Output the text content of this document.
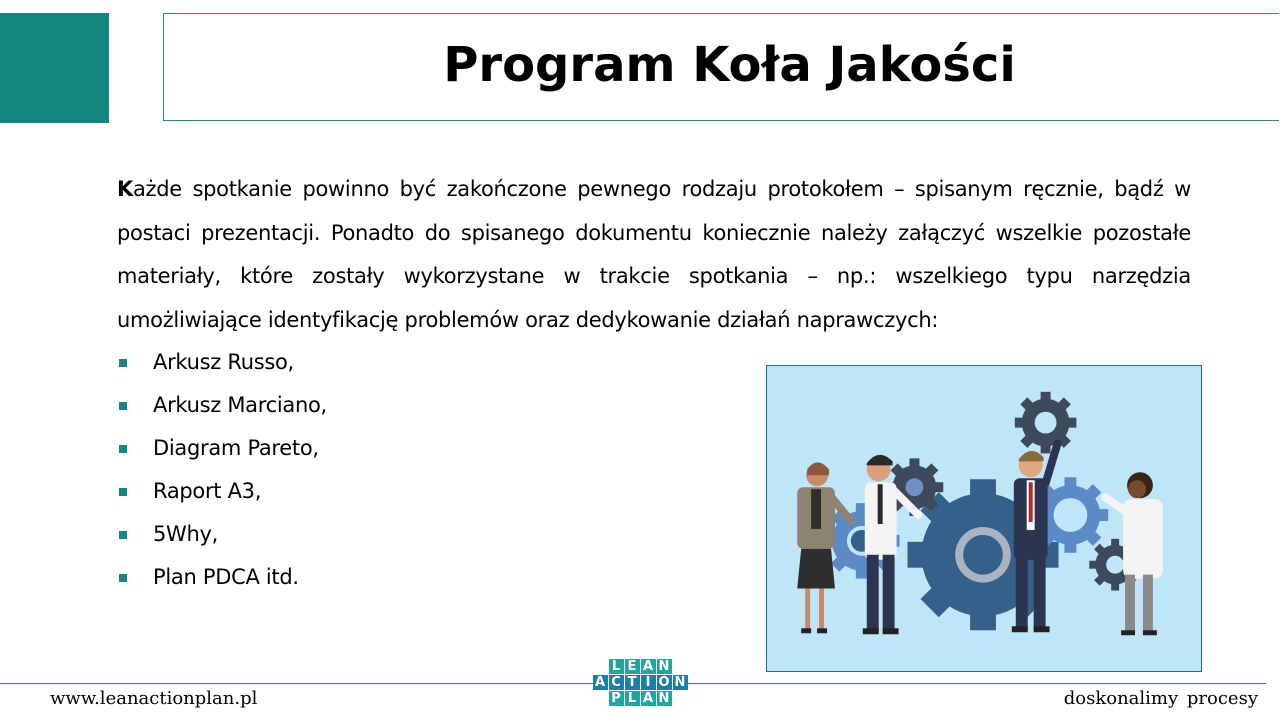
Program Koła Jakości
Każde spotkanie powinno być zakończone pewnego rodzaju protokołem – spisanym ręcznie, bądź w postaci prezentacji. Ponadto do spisanego dokumentu koniecznie należy załączyć wszelkie pozostałe materiały, które zostały wykorzystane w trakcie spotkania – np.: wszelkiego typu narzędzia umożliwiające identyfikację problemów oraz dedykowanie działań naprawczych:
Arkusz Russo,
Arkusz Marciano,
Diagram Pareto,
Raport A3,
5Why,
Plan PDCA itd.
www.leanactionplan.pl	doskonalimy procesy
L E A N
A C T I O N
P L A N
